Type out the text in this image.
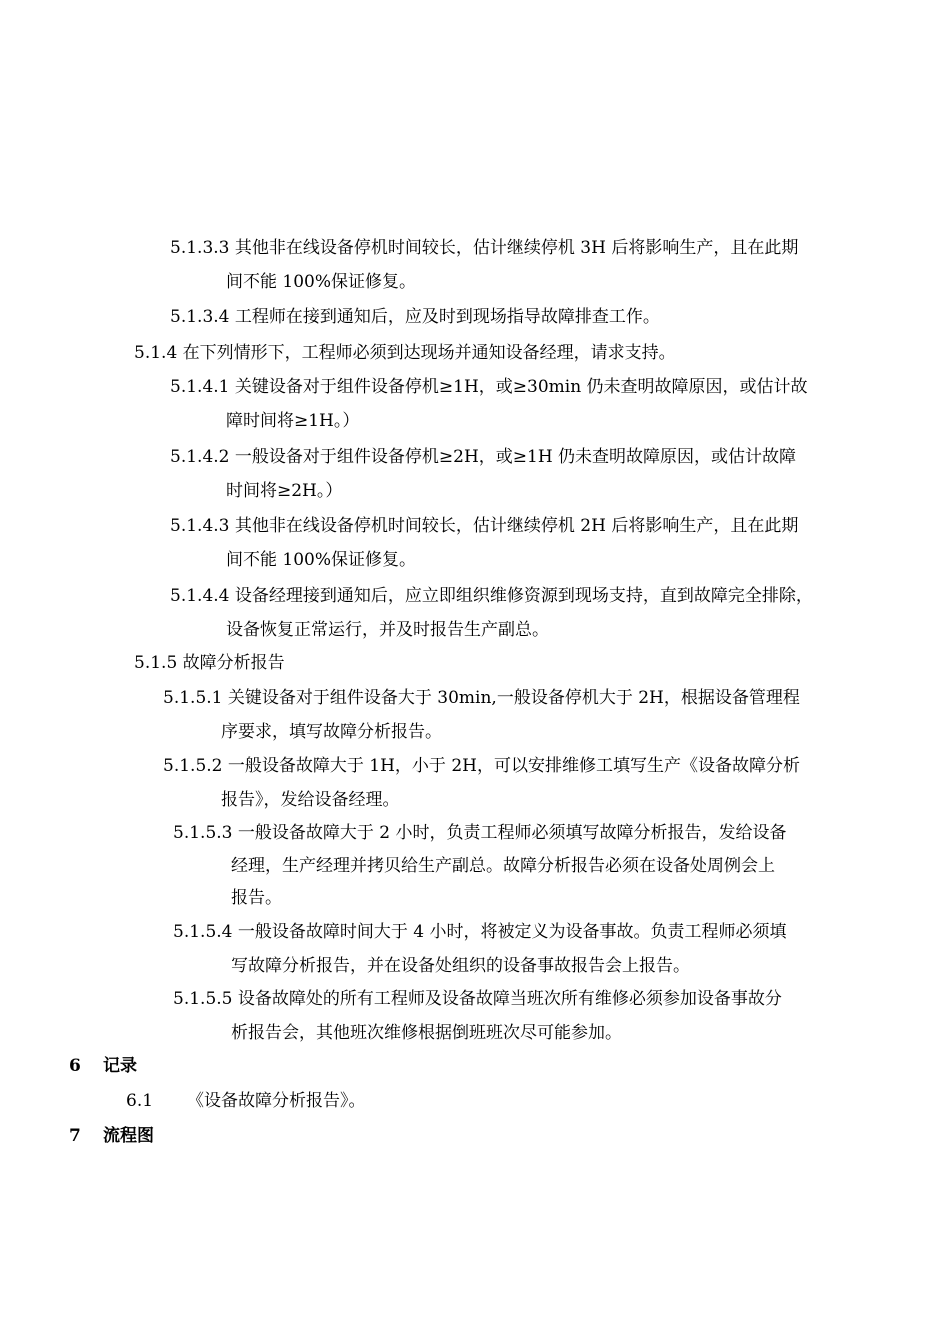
5.1.3.3 其他非在线设备停机时间较长，估计继续停机 3H 后将影响生产，且在此期
间不能 100%保证修复。
5.1.3.4 工程师在接到通知后，应及时到现场指导故障排查工作。
5.1.4 在下列情形下，工程师必须到达现场并通知设备经理，请求支持。
5.1.4.1 关键设备对于组件设备停机≥1H，或≥30min 仍未查明故障原因，或估计故
障时间将≥1H。）
5.1.4.2 一般设备对于组件设备停机≥2H，或≥1H 仍未查明故障原因，或估计故障
时间将≥2H。）
5.1.4.3 其他非在线设备停机时间较长，估计继续停机 2H 后将影响生产，且在此期
间不能 100%保证修复。
5.1.4.4 设备经理接到通知后，应立即组织维修资源到现场支持，直到故障完全排除，
设备恢复正常运行，并及时报告生产副总。
5.1.5 故障分析报告
5.1.5.1 关键设备对于组件设备大于 30min,一般设备停机大于 2H，根据设备管理程
序要求，填写故障分析报告。
5.1.5.2 一般设备故障大于 1H，小于 2H，可以安排维修工填写生产《设备故障分析
报告》，发给设备经理。
5.1.5.3 一般设备故障大于 2 小时，负责工程师必须填写故障分析报告，发给设备
经理，生产经理并拷贝给生产副总。故障分析报告必须在设备处周例会上
报告。
5.1.5.4 一般设备故障时间大于 4 小时，将被定义为设备事故。负责工程师必须填
写故障分析报告，并在设备处组织的设备事故报告会上报告。
5.1.5.5 设备故障处的所有工程师及设备故障当班次所有维修必须参加设备事故分
析报告会，其他班次维修根据倒班班次尽可能参加。
6 记录
6.1 《设备故障分析报告》。
7 流程图
